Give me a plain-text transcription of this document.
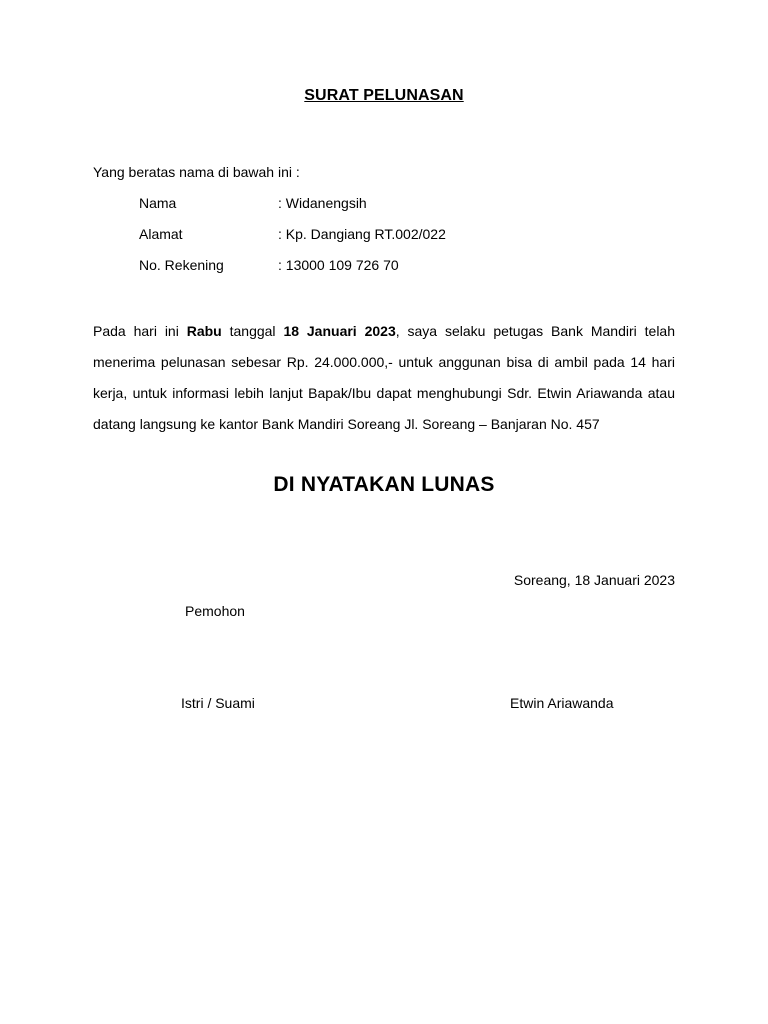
SURAT PELUNASAN
Yang beratas nama di bawah ini :
Nama	: Widanengsih
Alamat	: Kp. Dangiang RT.002/022
No. Rekening	: 13000 109 726 70
Pada hari ini Rabu tanggal 18 Januari 2023, saya selaku petugas Bank Mandiri telah menerima pelunasan sebesar Rp. 24.000.000,- untuk anggunan bisa di ambil pada 14 hari kerja, untuk informasi lebih lanjut Bapak/Ibu dapat menghubungi Sdr. Etwin Ariawanda atau datang langsung ke kantor Bank Mandiri Soreang Jl. Soreang – Banjaran No. 457
DI NYATAKAN LUNAS
Soreang, 18 Januari 2023
Pemohon
Istri / Suami	Etwin Ariawanda
